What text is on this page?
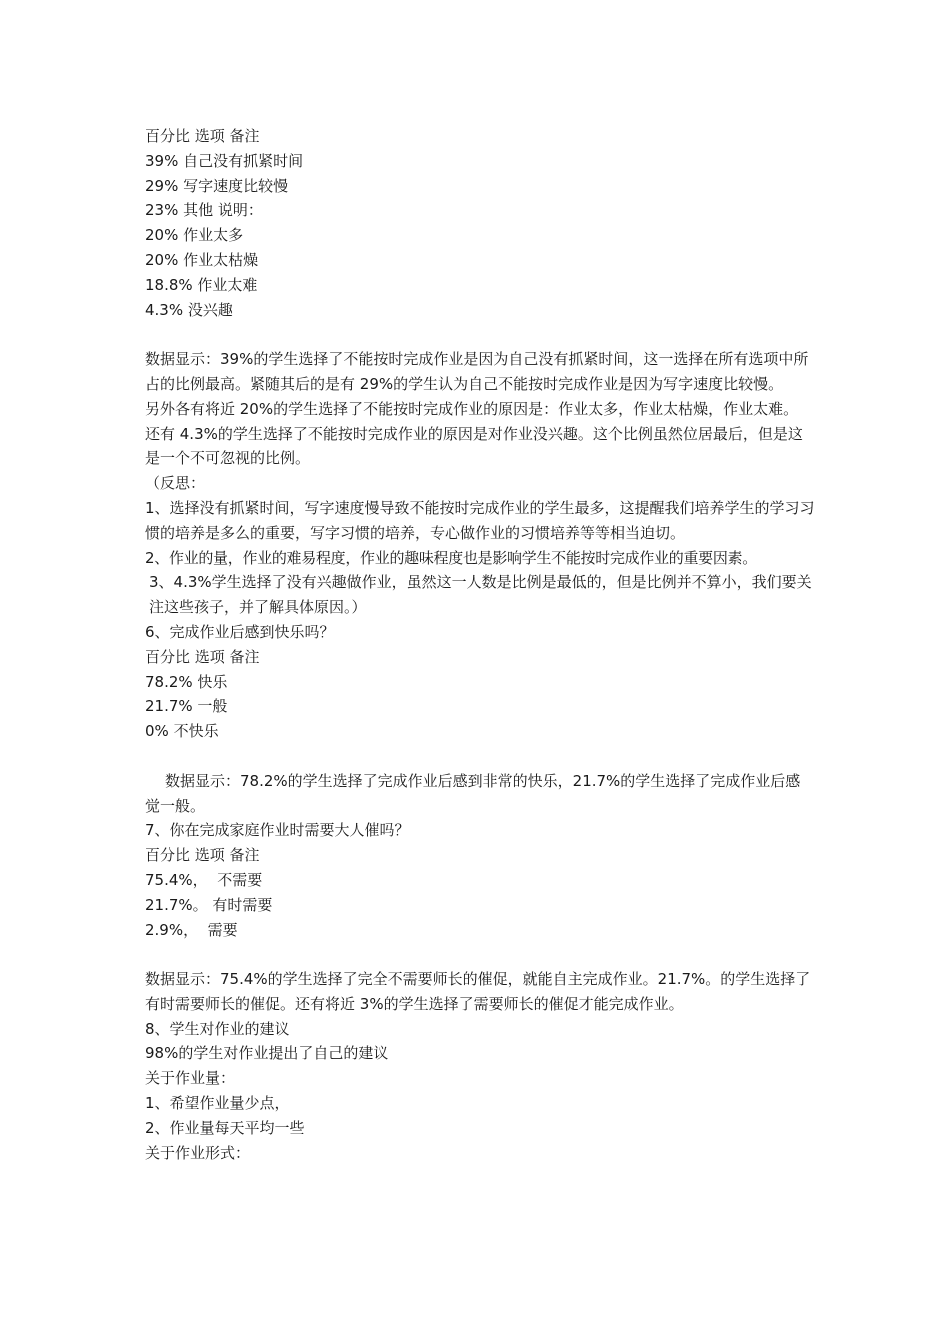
百分比 选项 备注
39% 自己没有抓紧时间
29% 写字速度比较慢
23% 其他 说明：
20% 作业太多
20% 作业太枯燥
18.8% 作业太难
4.3% 没兴趣
数据显示：39%的学生选择了不能按时完成作业是因为自己没有抓紧时间，这一选择在所有选项中所占的比例最高。紧随其后的是有 29%的学生认为自己不能按时完成作业是因为写字速度比较慢。
另外各有将近 20%的学生选择了不能按时完成作业的原因是：作业太多，作业太枯燥，作业太难。
还有 4.3%的学生选择了不能按时完成作业的原因是对作业没兴趣。这个比例虽然位居最后，但是这是一个不可忽视的比例。
（反思：
1、选择没有抓紧时间，写字速度慢导致不能按时完成作业的学生最多，这提醒我们培养学生的学习习惯的培养是多么的重要，写字习惯的培养，专心做作业的习惯培养等等相当迫切。
2、作业的量，作业的难易程度，作业的趣味程度也是影响学生不能按时完成作业的重要因素。
3、4.3%学生选择了没有兴趣做作业，虽然这一人数是比例是最低的，但是比例并不算小，我们要关注这些孩子，并了解具体原因。）
6、完成作业后感到快乐吗？
百分比 选项 备注
78.2% 快乐
21.7% 一般
0% 不快乐
数据显示：78.2%的学生选择了完成作业后感到非常的快乐，21.7%的学生选择了完成作业后感觉一般。
7、你在完成家庭作业时需要大人催吗？
百分比 选项 备注
75.4%，  不需要
21.7%。 有时需要
2.9%，  需要
数据显示：75.4%的学生选择了完全不需要师长的催促，就能自主完成作业。21.7%。的学生选择了有时需要师长的催促。还有将近 3%的学生选择了需要师长的催促才能完成作业。
8、学生对作业的建议
98%的学生对作业提出了自己的建议
关于作业量：
1、希望作业量少点，
2、作业量每天平均一些
关于作业形式：
